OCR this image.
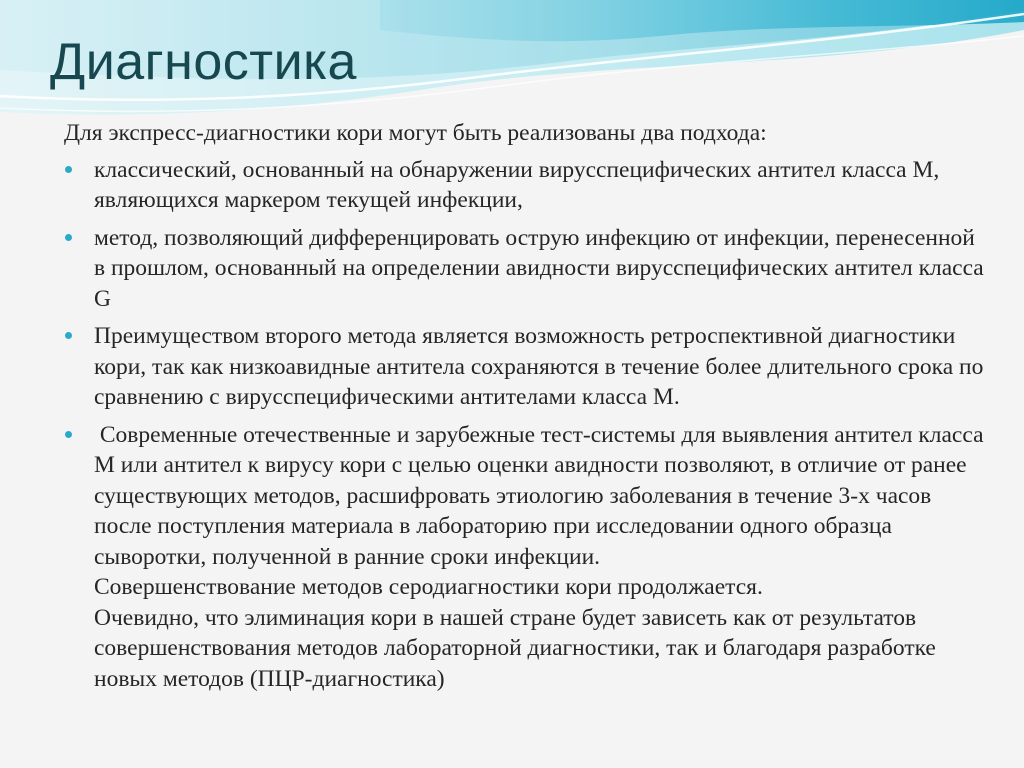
Диагностика

Для экспресс-диагностики кори могут быть реализованы два подхода:

классический, основанный на обнаружении вирусспецифических антител класса М, являющихся маркером текущей инфекции,
метод, позволяющий дифференцировать острую инфекцию от инфекции, перенесенной в прошлом, основанный на определении авидности вирусспецифических антител класса G
Преимуществом второго метода является возможность ретроспективной диагностики кори, так как низкоавидные антитела сохраняются в течение более длительного срока по сравнению с вирусспецифическими антителами класса М.
Современные отечественные и зарубежные тест-системы для выявления антител класса М или антител к вирусу кори с целью оценки авидности позволяют, в отличие от ранее существующих методов, расшифровать этиологию заболевания в течение 3-х часов после поступления материала в лабораторию при исследовании одного образца сыворотки, полученной в ранние сроки инфекции.
Совершенствование методов серодиагностики кори продолжается.
Очевидно, что элиминация кори в нашей стране будет зависеть как от результатов совершенствования методов лабораторной диагностики, так и благодаря разработке новых методов (ПЦР-диагностика)
